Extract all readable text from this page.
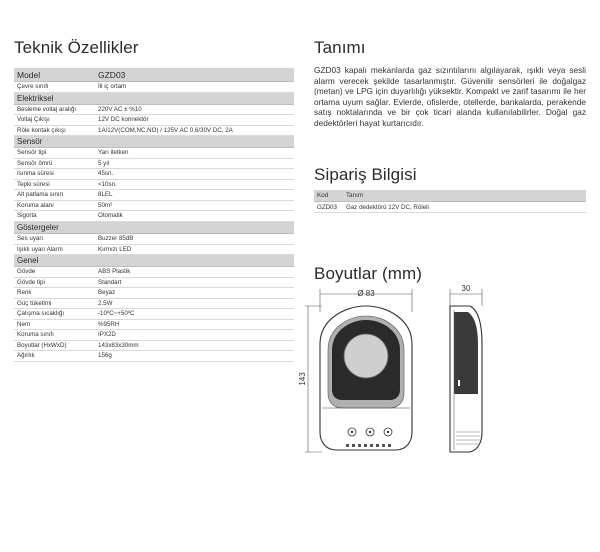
Teknik Özellikler
Model	GZD03
Çevre sınıfı	İll iç ortam
Elektriksel
Besleme voltaj aralığı	220V AC ± %10
Voltaj Çıkışı	12V DC konnektör
Röle kontak çıkışı	1A/12V(COM,NC,NO) / 125V AC 0.6/30V DC, 2A
Sensör
Sensör tipi	Yarı iletken
Sensör ömrü	5 yıl
Isınma süresi	45sn.
Tepki süresi	<10sn.
Alt patlama sınırı	8LEL
Koruma alanı	50m²
Sigorta	Otomatik
Göstergeler
Ses uyarı	Buzzer 85dB
Işıklı uyarı Alarm	Kırmızı LED
Genel
Gövde	ABS Plastik
Gövde tipi	Standart
Renk	Beyaz
Güç tüketimi	2.5W
Çalışma sıcaklığı	-10ºC~+50ºC
Nem	%95RH
Koruma sınıfı	IPX2D
Boyutlar (HxWxD)	143x83x30mm
Ağırlık	156g
Tanımı

GZD03 kapalı mekanlarda gaz sızıntılarını algılayarak, ışıklı veya sesli alarm verecek şekilde tasarlanmıştır. Güvenilir sensörleri ile doğalgaz (metan) ve LPG için duyarlılığı yüksektir. Kompakt ve zarif tasarımı ile her ortama uyum sağlar. Evlerde, ofislerde, otellerde, bankalarda, perakende satış noktalarında ve bir çok ticari alanda kullanılabilirler. Doğal gaz dedektörleri hayat kurtarıcıdır.

Sipariş Bilgisi
Kod	Tanım
GZD03	Gaz dedektörü 12V DC, Röleli
Boyutlar (mm)
Ø 83
30
143
